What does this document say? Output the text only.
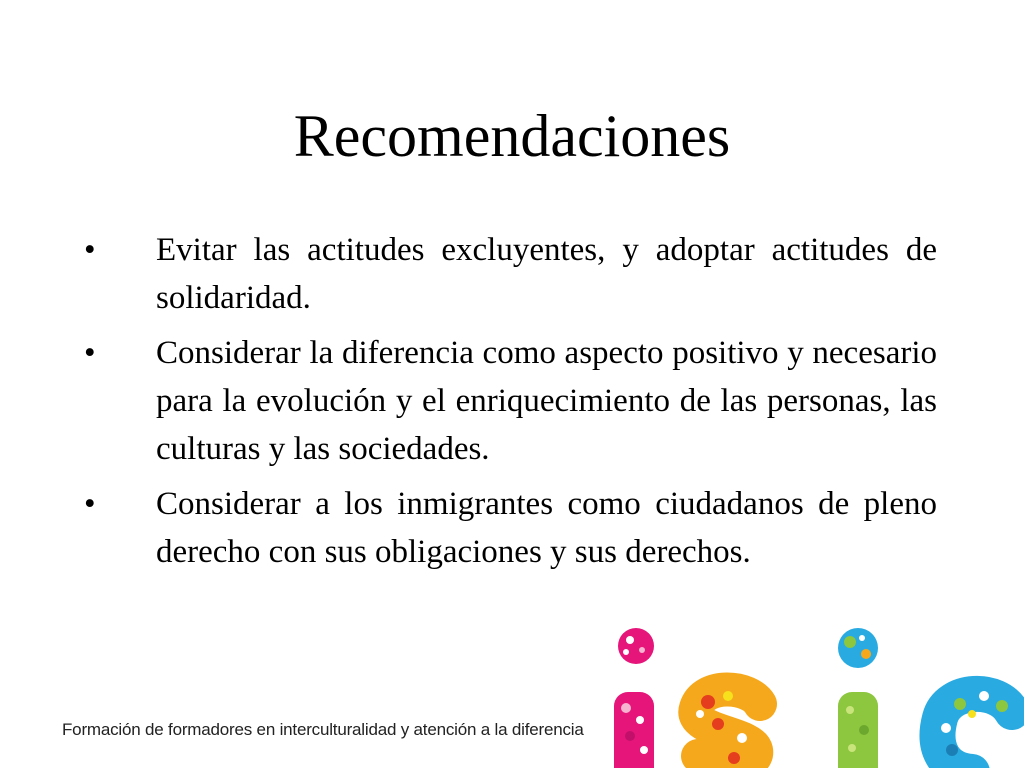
Recomendaciones
• Evitar las actitudes excluyentes, y adoptar actitudes de solidaridad.
• Considerar la diferencia como aspecto positivo y necesario para la evolución y el enriquecimiento de las personas, las culturas y las sociedades.
• Considerar a los inmigrantes como ciudadanos de pleno derecho con sus obligaciones y sus derechos.
Formación de formadores en interculturalidad y atención a la diferencia
